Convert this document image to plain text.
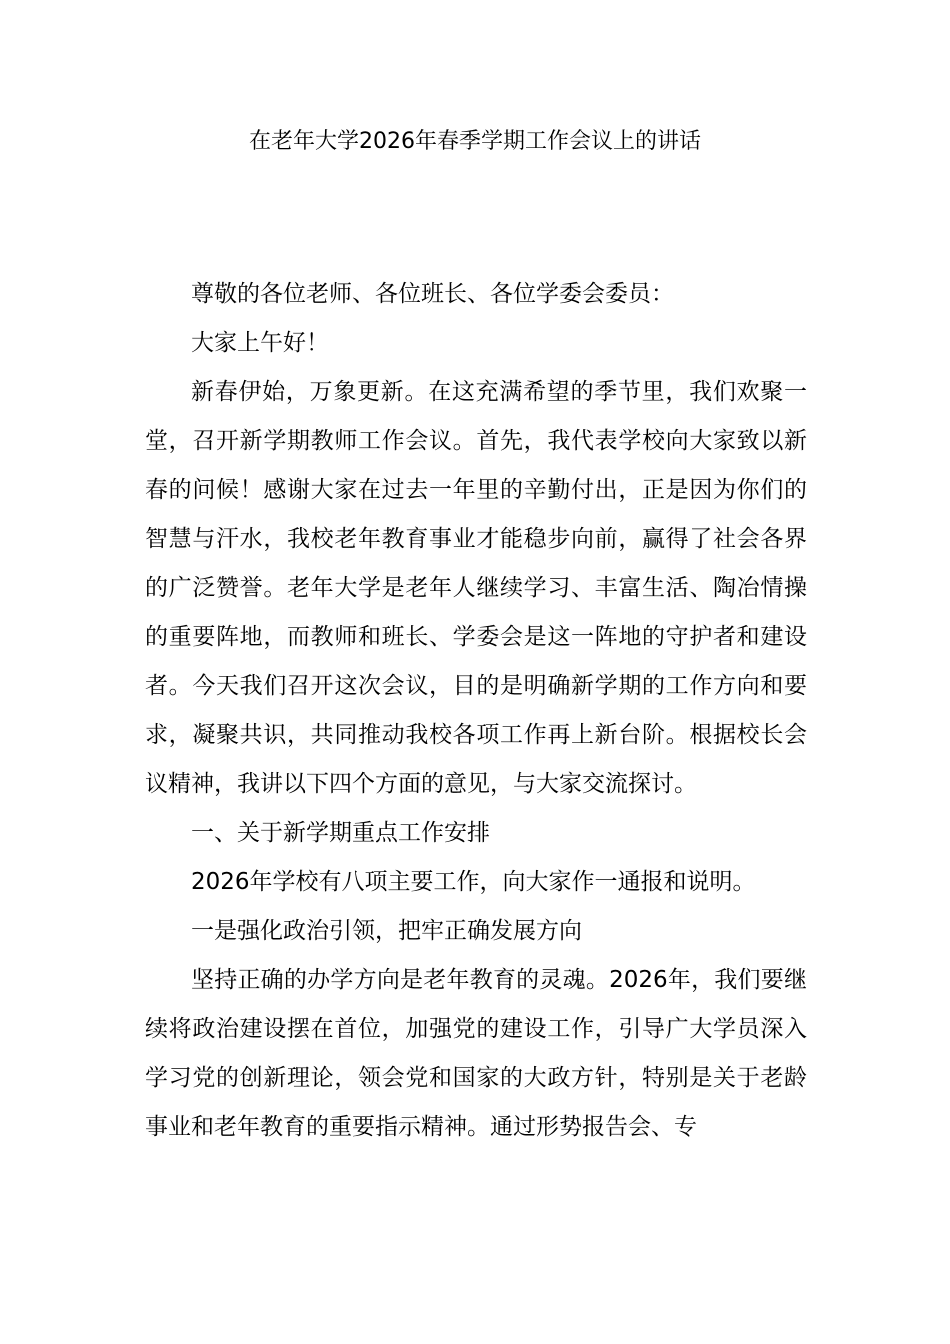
在老年大学2026年春季学期工作会议上的讲话

尊敬的各位老师、各位班长、各位学委会委员：

大家上午好！

新春伊始，万象更新。在这充满希望的季节里，我们欢聚一堂，召开新学期教师工作会议。首先，我代表学校向大家致以新春的问候！感谢大家在过去一年里的辛勤付出，正是因为你们的智慧与汗水，我校老年教育事业才能稳步向前，赢得了社会各界的广泛赞誉。老年大学是老年人继续学习、丰富生活、陶冶情操的重要阵地，而教师和班长、学委会是这一阵地的守护者和建设者。今天我们召开这次会议，目的是明确新学期的工作方向和要求，凝聚共识，共同推动我校各项工作再上新台阶。根据校长会议精神，我讲以下四个方面的意见，与大家交流探讨。

一、关于新学期重点工作安排

2026年学校有八项主要工作，向大家作一通报和说明。

一是强化政治引领，把牢正确发展方向

坚持正确的办学方向是老年教育的灵魂。2026年，我们要继续将政治建设摆在首位，加强党的建设工作，引导广大学员深入学习党的创新理论，领会党和国家的大政方针，特别是关于老龄事业和老年教育的重要指示精神。通过形势报告会、专
